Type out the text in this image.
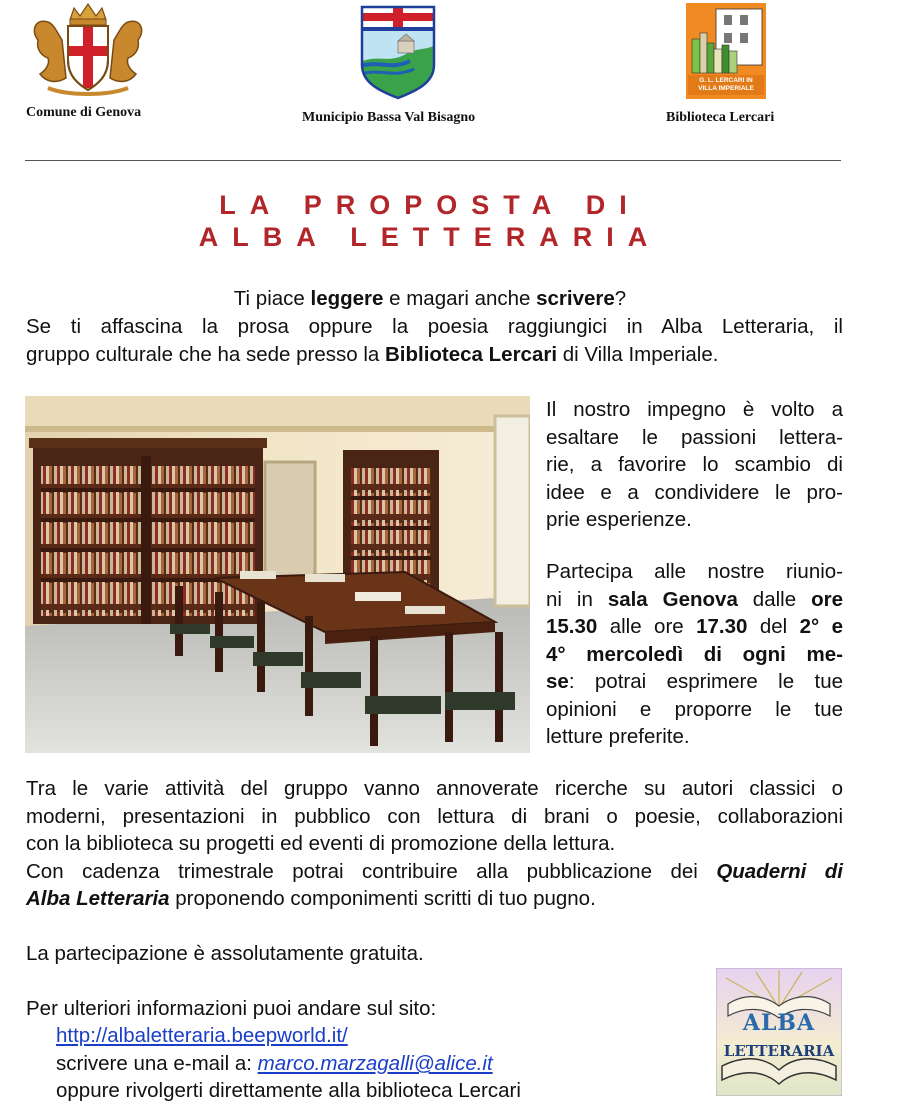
Comune di Genova	Municipio Bassa Val Bisagno
G. L. LERCARI IN VILLA IMPERIALE
Biblioteca Lercari
LA PROPOSTA DI
ALBA LETTERARIA
Ti piace leggere e magari anche scrivere?
Se ti affascina la prosa oppure la poesia raggiungici in Alba Letteraria, il
gruppo culturale che ha sede presso la Biblioteca Lercari di Villa Imperiale.
Il nostro impegno è volto a
esaltare le passioni lettera-
rie, a favorire lo scambio di
idee e a condividere le pro-
prie esperienze.
Partecipa alle nostre riunio-
ni in sala Genova dalle ore
15.30 alle ore 17.30 del 2° e
4° mercoledì di ogni me-
se: potrai esprimere le tue
opinioni e proporre le tue
letture preferite.
Tra le varie attività del gruppo vanno annoverate ricerche su autori classici o
moderni, presentazioni in pubblico con lettura di brani o poesie, collaborazioni
con la biblioteca su progetti ed eventi di promozione della lettura.
Con cadenza trimestrale potrai contribuire alla pubblicazione dei Quaderni di
Alba Letteraria proponendo componimenti scritti di tuo pugno.
La partecipazione è assolutamente gratuita.
Per ulteriori informazioni puoi andare sul sito:
http://albaletteraria.beepworld.it/
scrivere una e-mail a: marco.marzagalli@alice.it
oppure rivolgerti direttamente alla biblioteca Lercari
ALBA
LETTERARIA
